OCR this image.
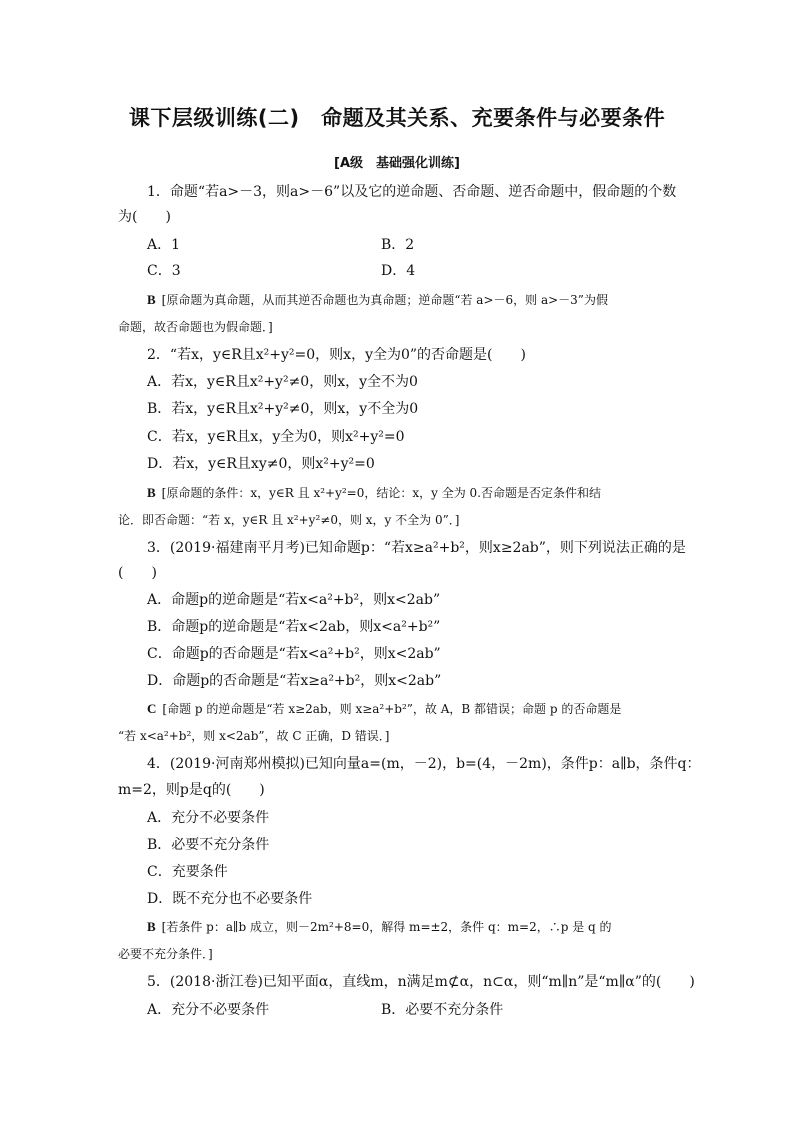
课下层级训练(二)　命题及其关系、充要条件与必要条件
[A级　基础强化训练]
1．命题“若a>－3，则a>－6”以及它的逆命题、否命题、逆否命题中，假命题的个数
为(　　)
A．1	B．2
C．3	D．4
B [原命题为真命题，从而其逆否命题也为真命题；逆命题“若 a>－6，则 a>－3”为假
命题，故否命题也为假命题．]
2．“若x，y∈R且x²+y²=0，则x，y全为0”的否命题是(　　)
A．若x，y∈R且x²+y²≠0，则x，y全不为0
B．若x，y∈R且x²+y²≠0，则x，y不全为0
C．若x，y∈R且x，y全为0，则x²+y²=0
D．若x，y∈R且xy≠0，则x²+y²=0
B [原命题的条件：x，y∈R 且 x²+y²=0，结论：x，y 全为 0.否命题是否定条件和结
论．即否命题：“若 x，y∈R 且 x²+y²≠0，则 x，y 不全为 0”．]
3．(2019·福建南平月考)已知命题p：“若x≥a²+b²，则x≥2ab”，则下列说法正确的是
(　　)
A．命题p的逆命题是“若x<a²+b²，则x<2ab”
B．命题p的逆命题是“若x<2ab，则x<a²+b²”
C．命题p的否命题是“若x<a²+b²，则x<2ab”
D．命题p的否命题是“若x≥a²+b²，则x<2ab”
C [命题 p 的逆命题是“若 x≥2ab，则 x≥a²+b²”，故 A，B 都错误；命题 p 的否命题是
“若 x<a²+b²，则 x<2ab”，故 C 正确，D 错误．]
4．(2019·河南郑州模拟)已知向量a=(m，－2)，b=(4，－2m)，条件p：a∥b，条件q：
m=2，则p是q的(　　)
A．充分不必要条件
B．必要不充分条件
C．充要条件
D．既不充分也不必要条件
B [若条件 p：a∥b 成立，则－2m²+8=0，解得 m=±2，条件 q：m=2，∴p 是 q 的
必要不充分条件．]
5．(2018·浙江卷)已知平面α，直线m，n满足m⊄α，n⊂α，则“m∥n”是“m∥α”的(　　)
A．充分不必要条件	B．必要不充分条件
